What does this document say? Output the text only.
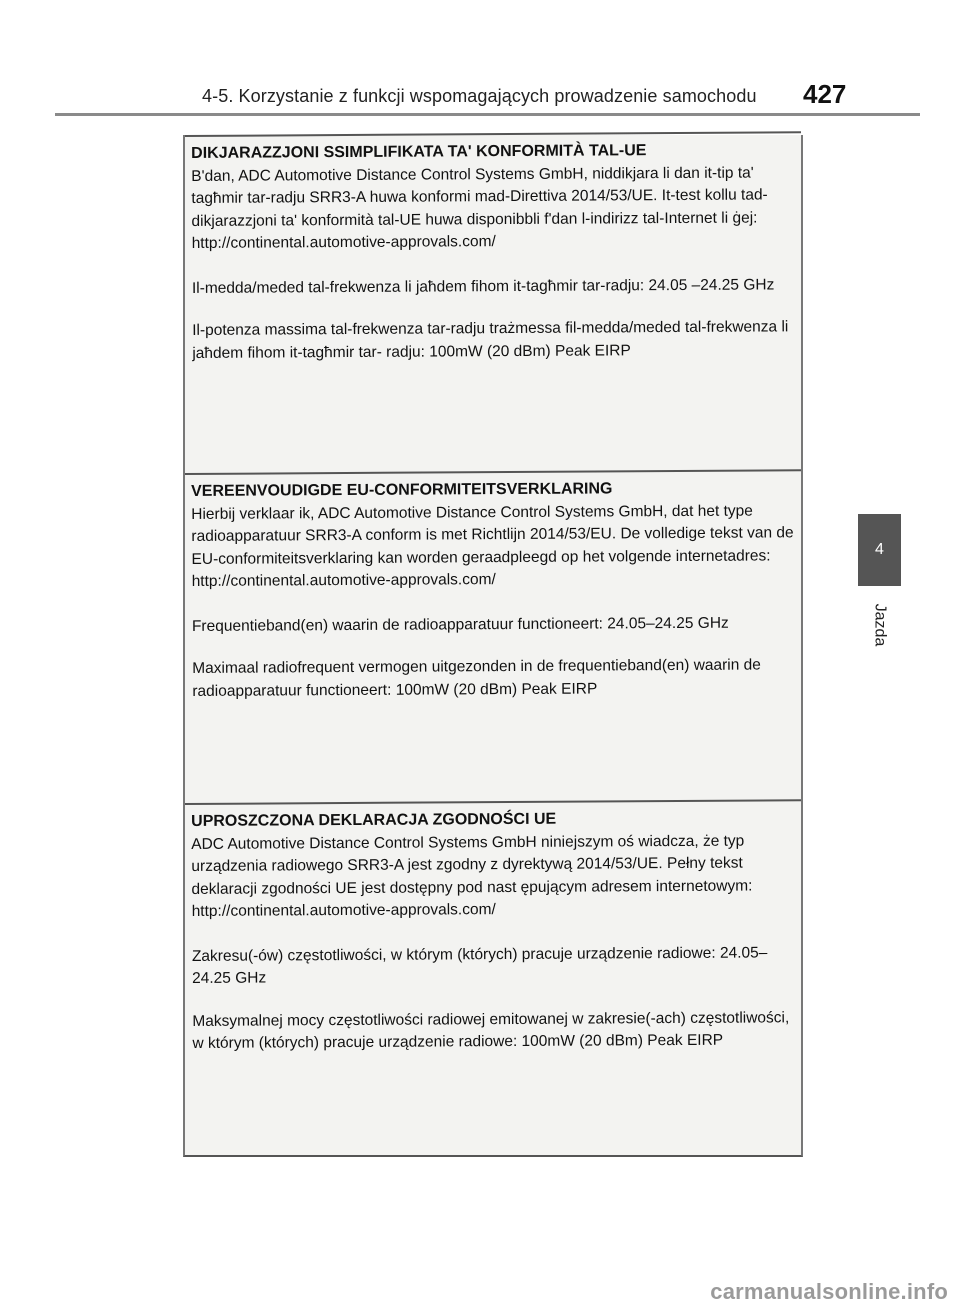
4-5. Korzystanie z funkcji wspomagających prowadzenie samochodu 427
4
Jazda
DIKJARAZZJONI SSIMPLIFIKATA TA' KONFORMITÀ TAL-UE

B'dan, ADC Automotive Distance Control Systems GmbH, niddikjara li dan it-tip ta' tagħmir tar-radju SRR3-A huwa konformi mad-Direttiva 2014/53/UE. It-test kollu tad-dikjarazzjoni ta' konformità tal-UE huwa disponibbli f'dan l-indirizz tal-Internet li ġej:
http://continental.automotive-approvals.com/

Il-medda/meded tal-frekwenza li jaħdem fihom it-tagħmir tar-radju: 24.05 –24.25 GHz

Il-potenza massima tal-frekwenza tar-radju trażmessa fil-medda/meded tal-frekwenza li jaħdem fihom it-tagħmir tar- radju: 100mW (20 dBm) Peak EIRP

VEREENVOUDIGDE EU-CONFORMITEITSVERKLARING

Hierbij verklaar ik, ADC Automotive Distance Control Systems GmbH, dat het type radioapparatuur SRR3-A conform is met Richtlijn 2014/53/EU. De volledige tekst van de EU-conformiteitsverklaring kan worden geraadpleegd op het volgende internetadres:
http://continental.automotive-approvals.com/

Frequentieband(en) waarin de radioapparatuur functioneert: 24.05–24.25 GHz

Maximaal radiofrequent vermogen uitgezonden in de frequentieband(en) waarin de radioapparatuur functioneert: 100mW (20 dBm) Peak EIRP

UPROSZCZONA DEKLARACJA ZGODNOŚCI UE

ADC Automotive Distance Control Systems GmbH niniejszym oś wiadcza, że typ urządzenia radiowego SRR3-A jest zgodny z dyrektywą 2014/53/UE. Pełny tekst deklaracji zgodności UE jest dostępny pod nast ępującym adresem internetowym:
http://continental.automotive-approvals.com/

Zakresu(-ów) częstotliwości, w którym (których) pracuje urządzenie radiowe: 24.05–24.25 GHz

Maksymalnej mocy częstotliwości radiowej emitowanej w zakresie(-ach) częstotliwości, w którym (których) pracuje urządzenie radiowe: 100mW (20 dBm) Peak EIRP

carmanualsonline.info
